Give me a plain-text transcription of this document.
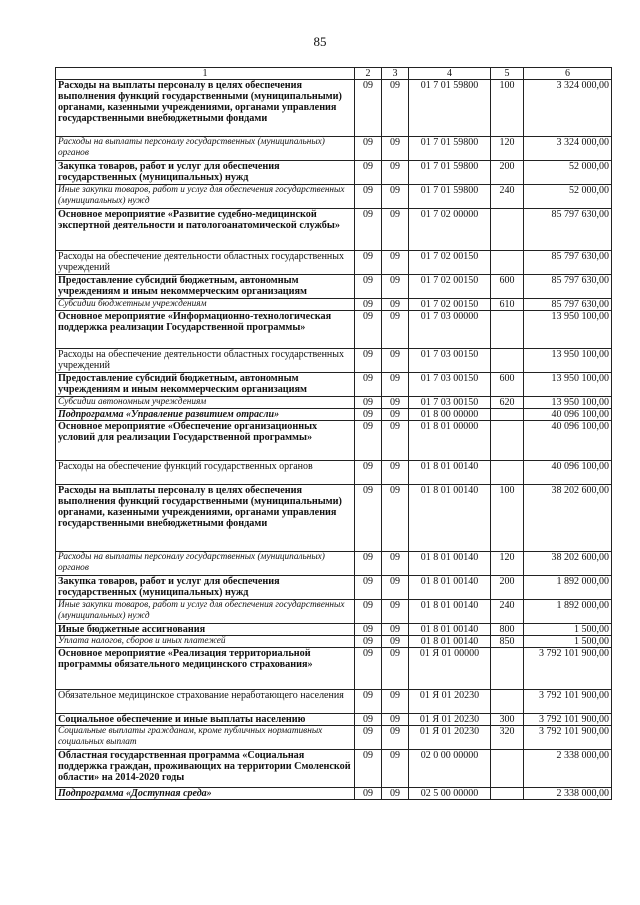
85
1	2	3	4	5	6
Расходы на выплаты персоналу в целях обеспечения выполнения функций государственными (муниципальными) органами, казенными учреждениями, органами управления государственными внебюджетными фондами	09	09	01 7 01 59800	100	3 324 000,00
Расходы на выплаты персоналу государственных (муниципальных) органов	09	09	01 7 01 59800	120	3 324 000,00
Закупка товаров, работ и услуг для обеспечения государственных (муниципальных) нужд	09	09	01 7 01 59800	200	52 000,00
Иные закупки товаров, работ и услуг для обеспечения государственных (муниципальных) нужд	09	09	01 7 01 59800	240	52 000,00
Основное мероприятие «Развитие судебно-медицинской экспертной деятельности и патологоанатомической службы»	09	09	01 7 02 00000		85 797 630,00
Расходы на обеспечение деятельности областных государственных учреждений	09	09	01 7 02 00150		85 797 630,00
Предоставление субсидий бюджетным, автономным учреждениям и иным некоммерческим организациям	09	09	01 7 02 00150	600	85 797 630,00
Субсидии бюджетным учреждениям	09	09	01 7 02 00150	610	85 797 630,00
Основное мероприятие «Информационно-технологическая поддержка реализации Государственной программы»	09	09	01 7 03 00000		13 950 100,00
Расходы на обеспечение деятельности областных государственных учреждений	09	09	01 7 03 00150		13 950 100,00
Предоставление субсидий бюджетным, автономным учреждениям и иным некоммерческим организациям	09	09	01 7 03 00150	600	13 950 100,00
Субсидии автономным учреждениям	09	09	01 7 03 00150	620	13 950 100,00
Подпрограмма «Управление развитием отрасли»	09	09	01 8 00 00000		40 096 100,00
Основное мероприятие «Обеспечение организационных условий для реализации Государственной программы»	09	09	01 8 01 00000		40 096 100,00
Расходы на обеспечение функций государственных органов	09	09	01 8 01 00140		40 096 100,00
Расходы на выплаты персоналу в целях обеспечения выполнения функций государственными (муниципальными) органами, казенными учреждениями, органами управления государственными внебюджетными фондами	09	09	01 8 01 00140	100	38 202 600,00
Расходы на выплаты персоналу государственных (муниципальных) органов	09	09	01 8 01 00140	120	38 202 600,00
Закупка товаров, работ и услуг для обеспечения государственных (муниципальных) нужд	09	09	01 8 01 00140	200	1 892 000,00
Иные закупки товаров, работ и услуг для обеспечения государственных (муниципальных) нужд	09	09	01 8 01 00140	240	1 892 000,00
Иные бюджетные ассигнования	09	09	01 8 01 00140	800	1 500,00
Уплата налогов, сборов и иных платежей	09	09	01 8 01 00140	850	1 500,00
Основное мероприятие «Реализация территориальной программы обязательного медицинского страхования»	09	09	01 Я 01 00000		3 792 101 900,00
Обязательное медицинское страхование неработающего населения	09	09	01 Я 01 20230		3 792 101 900,00
Социальное обеспечение и иные выплаты населению	09	09	01 Я 01 20230	300	3 792 101 900,00
Социальные выплаты гражданам, кроме публичных нормативных социальных выплат	09	09	01 Я 01 20230	320	3 792 101 900,00
Областная государственная программа «Социальная поддержка граждан, проживающих на территории Смоленской области» на 2014-2020 годы	09	09	02 0 00 00000		2 338 000,00
Подпрограмма «Доступная среда»	09	09	02 5 00 00000		2 338 000,00
